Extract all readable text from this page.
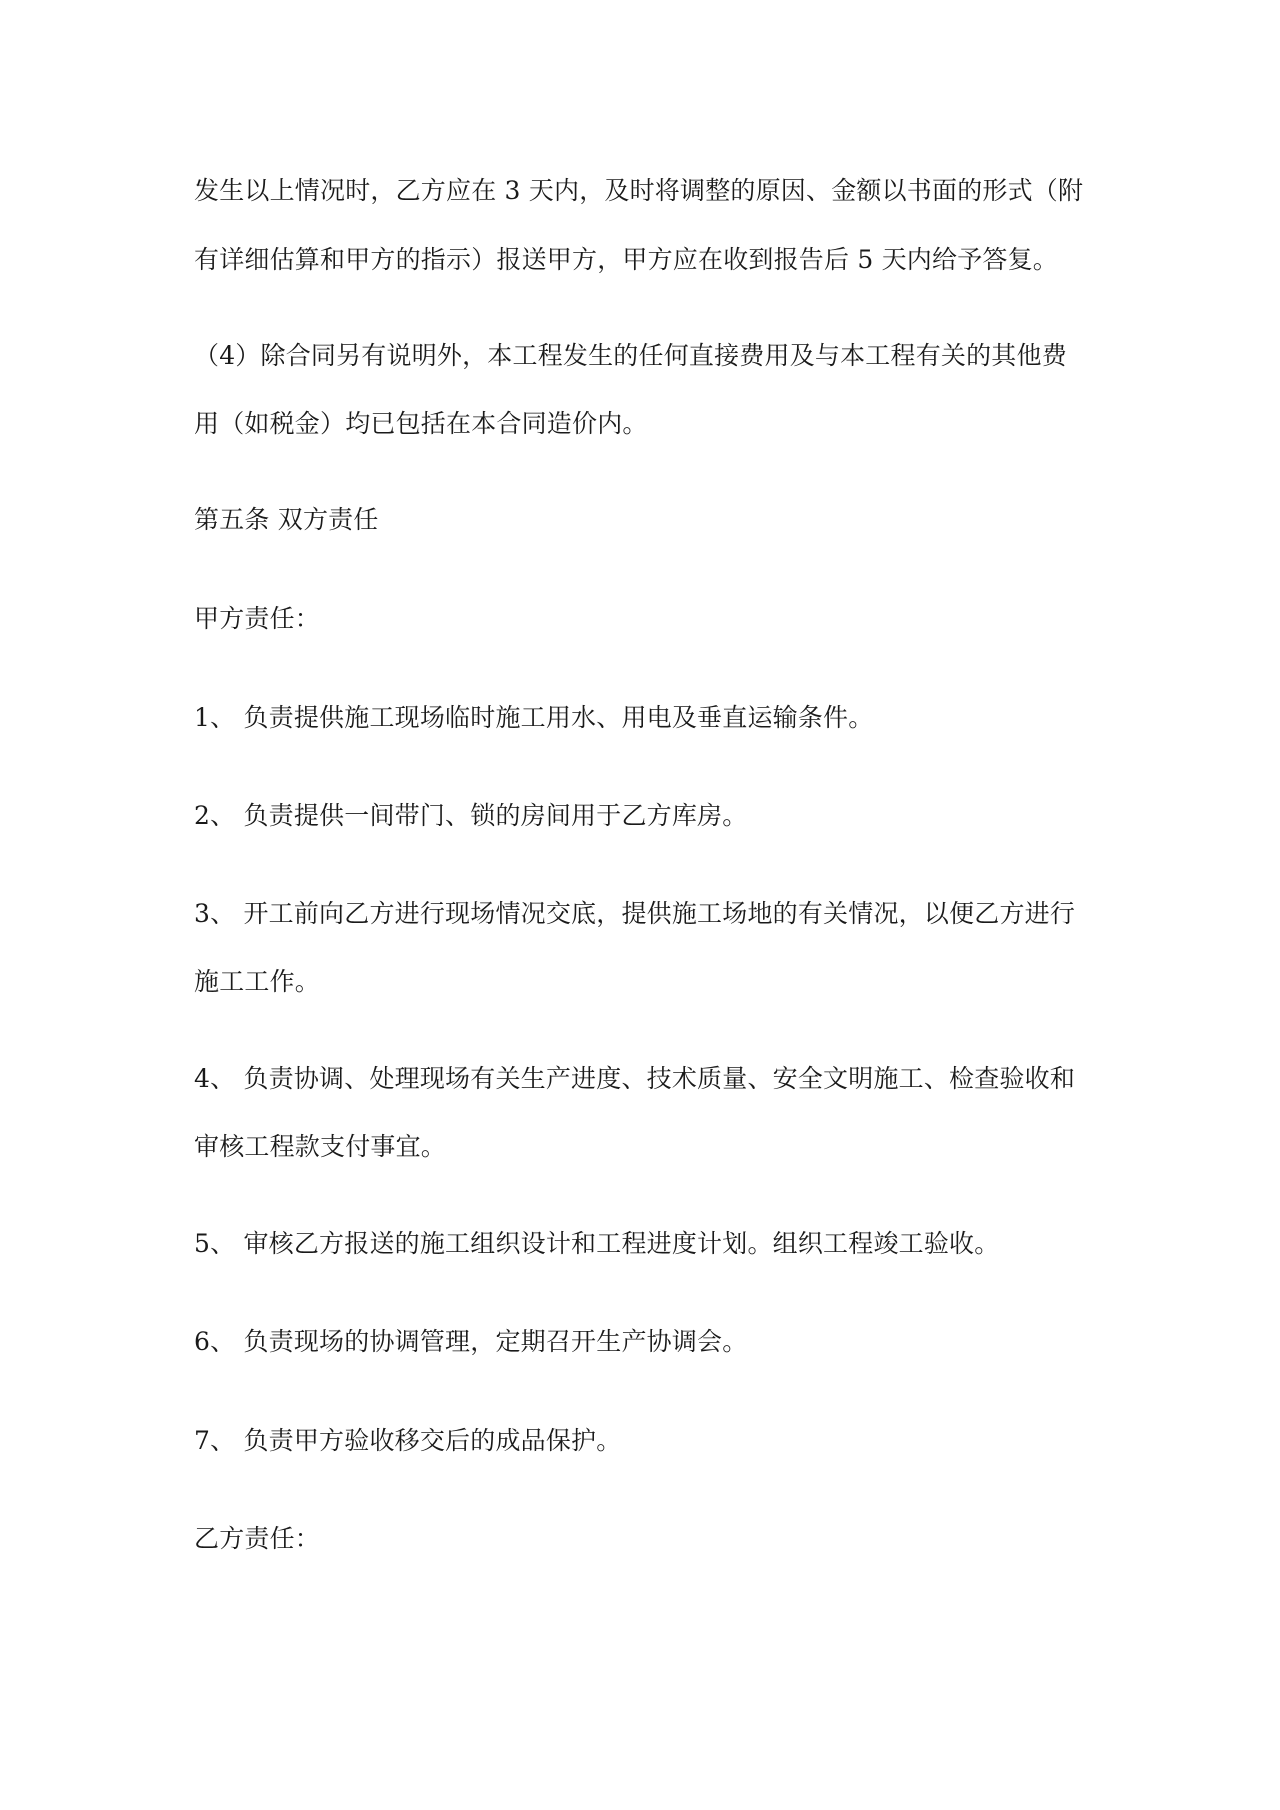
发生以上情况时，乙方应在 3 天内，及时将调整的原因、金额以书面的形式（附
有详细估算和甲方的指示）报送甲方，甲方应在收到报告后 5 天内给予答复。
（4）除合同另有说明外，本工程发生的任何直接费用及与本工程有关的其他费
用（如税金）均已包括在本合同造价内。
第五条 双方责任
甲方责任：
1、 负责提供施工现场临时施工用水、用电及垂直运输条件。
2、 负责提供一间带门、锁的房间用于乙方库房。
3、 开工前向乙方进行现场情况交底，提供施工场地的有关情况，以便乙方进行
施工工作。
4、 负责协调、处理现场有关生产进度、技术质量、安全文明施工、检查验收和
审核工程款支付事宜。
5、 审核乙方报送的施工组织设计和工程进度计划。组织工程竣工验收。
6、 负责现场的协调管理，定期召开生产协调会。
7、 负责甲方验收移交后的成品保护。
乙方责任：
